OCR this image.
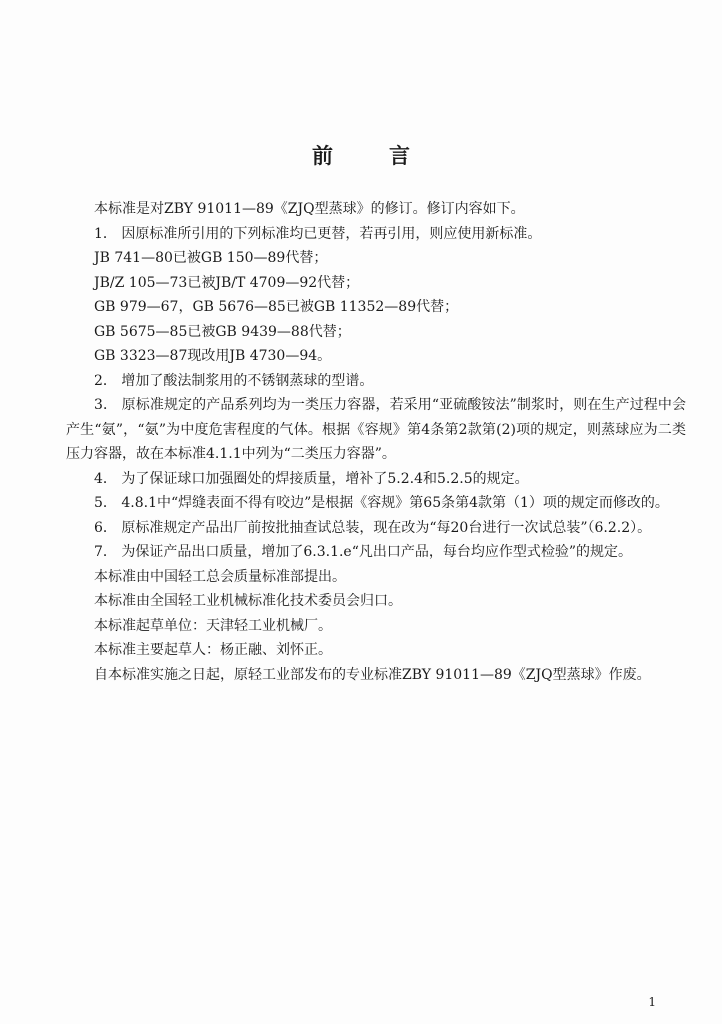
前	言
本标准是对ZBY 91011—89《ZJQ型蒸球》的修订。修订内容如下。
1． 因原标准所引用的下列标准均已更替，若再引用，则应使用新标准。
JB 741—80已被GB 150—89代替；
JB/Z 105—73已被JB/T 4709—92代替；
GB 979—67，GB 5676—85已被GB 11352—89代替；
GB 5675—85已被GB 9439—88代替；
GB 3323—87现改用JB 4730—94。
2． 增加了酸法制浆用的不锈钢蒸球的型谱。
3． 原标准规定的产品系列均为一类压力容器，若采用“亚硫酸铵法”制浆时，则在生产过程中会产生“氨”，“氨”为中度危害程度的气体。根据《容规》第4条第2款第(2)项的规定，则蒸球应为二类压力容器，故在本标准4.1.1中列为“二类压力容器”。
4． 为了保证球口加强圈处的焊接质量，增补了5.2.4和5.2.5的规定。
5． 4.8.1中“焊缝表面不得有咬边”是根据《容规》第65条第4款第（1）项的规定而修改的。
6． 原标准规定产品出厂前按批抽查试总装，现在改为“每20台进行一次试总装”（6.2.2）。
7． 为保证产品出口质量，增加了6.3.1.e“凡出口产品，每台均应作型式检验”的规定。
本标准由中国轻工总会质量标准部提出。
本标准由全国轻工业机械标准化技术委员会归口。
本标准起草单位：天津轻工业机械厂。
本标准主要起草人：杨正融、刘怀正。
自本标准实施之日起，原轻工业部发布的专业标准ZBY 91011—89《ZJQ型蒸球》作废。
1
